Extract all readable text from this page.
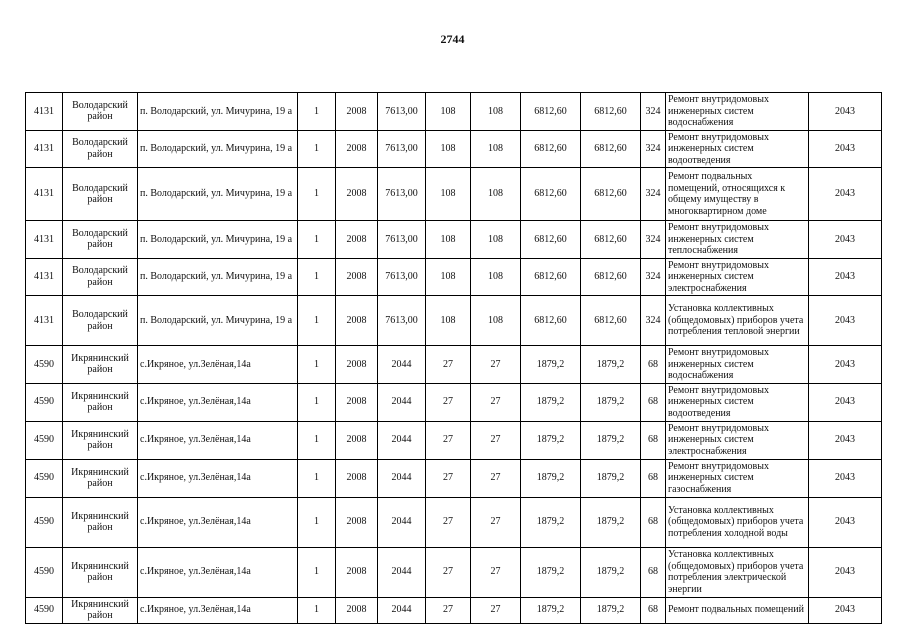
2744
4131	Володарский район	п. Володарский, ул. Мичурина, 19 а	1	2008	7613,00	108	108	6812,60	6812,60	324	Ремонт внутридомовых инженерных систем водоснабжения	2043
4131	Володарский район	п. Володарский, ул. Мичурина, 19 а	1	2008	7613,00	108	108	6812,60	6812,60	324	Ремонт внутридомовых инженерных систем водоотведения	2043
4131	Володарский район	п. Володарский, ул. Мичурина, 19 а	1	2008	7613,00	108	108	6812,60	6812,60	324	Ремонт подвальных помещений, относящихся к общему имуществу в многоквартирном доме	2043
4131	Володарский район	п. Володарский, ул. Мичурина, 19 а	1	2008	7613,00	108	108	6812,60	6812,60	324	Ремонт внутридомовых инженерных систем теплоснабжения	2043
4131	Володарский район	п. Володарский, ул. Мичурина, 19 а	1	2008	7613,00	108	108	6812,60	6812,60	324	Ремонт внутридомовых инженерных систем электроснабжения	2043
4131	Володарский район	п. Володарский, ул. Мичурина, 19 а	1	2008	7613,00	108	108	6812,60	6812,60	324	Установка коллективных (общедомовых) приборов учета потребления тепловой энергии	2043
4590	Икрянинский район	с.Икряное, ул.Зелёная,14а	1	2008	2044	27	27	1879,2	1879,2	68	Ремонт внутридомовых инженерных систем водоснабжения	2043
4590	Икрянинский район	с.Икряное, ул.Зелёная,14а	1	2008	2044	27	27	1879,2	1879,2	68	Ремонт внутридомовых инженерных систем водоотведения	2043
4590	Икрянинский район	с.Икряное, ул.Зелёная,14а	1	2008	2044	27	27	1879,2	1879,2	68	Ремонт внутридомовых инженерных систем электроснабжения	2043
4590	Икрянинский район	с.Икряное, ул.Зелёная,14а	1	2008	2044	27	27	1879,2	1879,2	68	Ремонт внутридомовых инженерных систем газоснабжения	2043
4590	Икрянинский район	с.Икряное, ул.Зелёная,14а	1	2008	2044	27	27	1879,2	1879,2	68	Установка коллективных (общедомовых) приборов учета потребления холодной воды	2043
4590	Икрянинский район	с.Икряное, ул.Зелёная,14а	1	2008	2044	27	27	1879,2	1879,2	68	Установка коллективных (общедомовых) приборов учета потребления электрической энергии	2043
4590	Икрянинский район	с.Икряное, ул.Зелёная,14а	1	2008	2044	27	27	1879,2	1879,2	68	Ремонт подвальных помещений	2043
